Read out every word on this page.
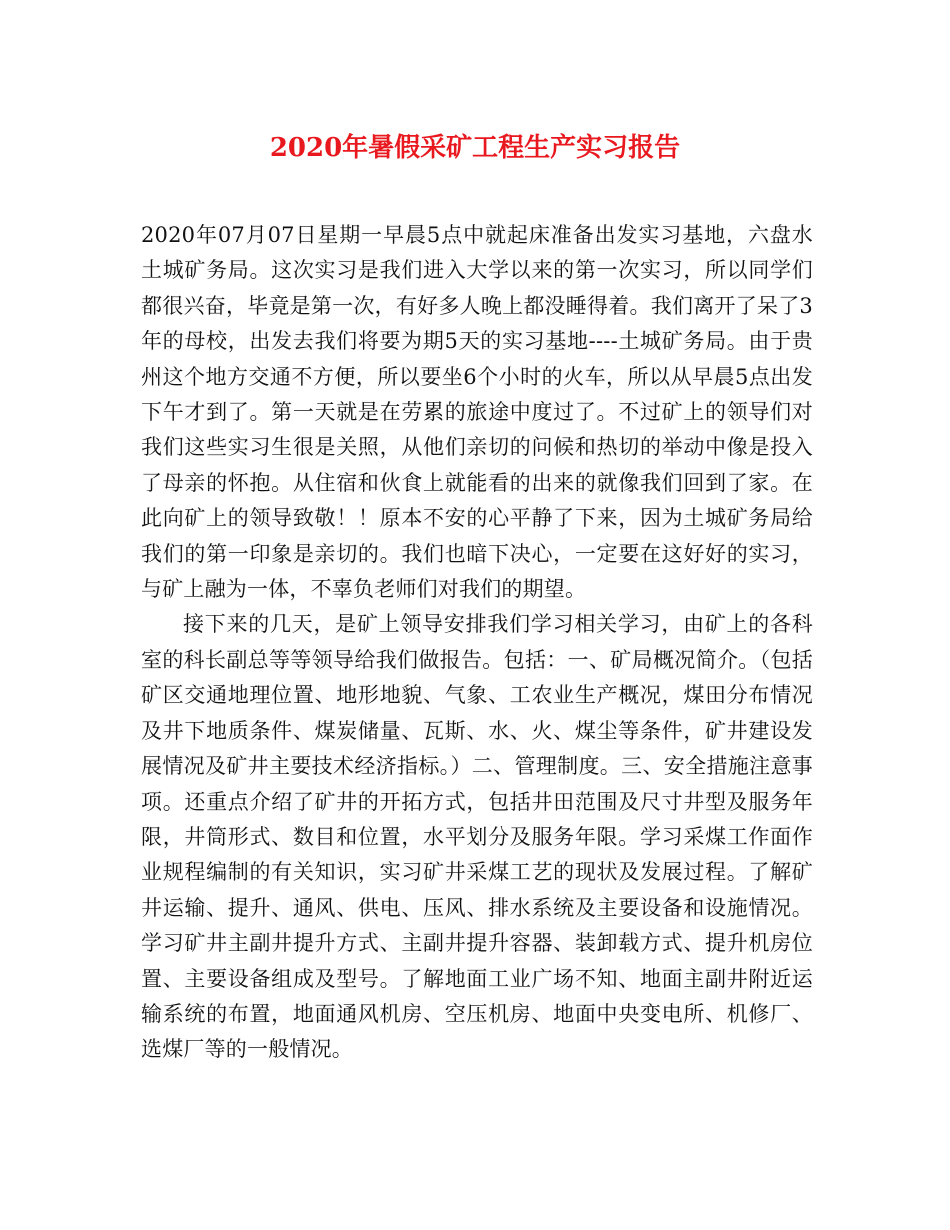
2020年暑假采矿工程生产实习报告

2020年07月07日星期一早晨5点中就起床准备出发实习基地，六盘水土城矿务局。这次实习是我们进入大学以来的第一次实习，所以同学们都很兴奋，毕竟是第一次，有好多人晚上都没睡得着。我们离开了呆了3年的母校，出发去我们将要为期5天的实习基地----土城矿务局。由于贵州这个地方交通不方便，所以要坐6个小时的火车，所以从早晨5点出发下午才到了。第一天就是在劳累的旅途中度过了。不过矿上的领导们对我们这些实习生很是关照，从他们亲切的问候和热切的举动中像是投入了母亲的怀抱。从住宿和伙食上就能看的出来的就像我们回到了家。在此向矿上的领导致敬！！原本不安的心平静了下来，因为土城矿务局给我们的第一印象是亲切的。我们也暗下决心，一定要在这好好的实习，与矿上融为一体，不辜负老师们对我们的期望。

接下来的几天，是矿上领导安排我们学习相关学习，由矿上的各科室的科长副总等等领导给我们做报告。包括：一、矿局概况简介。（包括矿区交通地理位置、地形地貌、气象、工农业生产概况，煤田分布情况及井下地质条件、煤炭储量、瓦斯、水、火、煤尘等条件，矿井建设发展情况及矿井主要技术经济指标。）二、管理制度。三、安全措施注意事项。还重点介绍了矿井的开拓方式，包括井田范围及尺寸井型及服务年限，井筒形式、数目和位置，水平划分及服务年限。学习采煤工作面作业规程编制的有关知识，实习矿井采煤工艺的现状及发展过程。了解矿井运输、提升、通风、供电、压风、排水系统及主要设备和设施情况。学习矿井主副井提升方式、主副井提升容器、装卸载方式、提升机房位置、主要设备组成及型号。了解地面工业广场不知、地面主副井附近运输系统的布置，地面通风机房、空压机房、地面中央变电所、机修厂、选煤厂等的一般情况。
